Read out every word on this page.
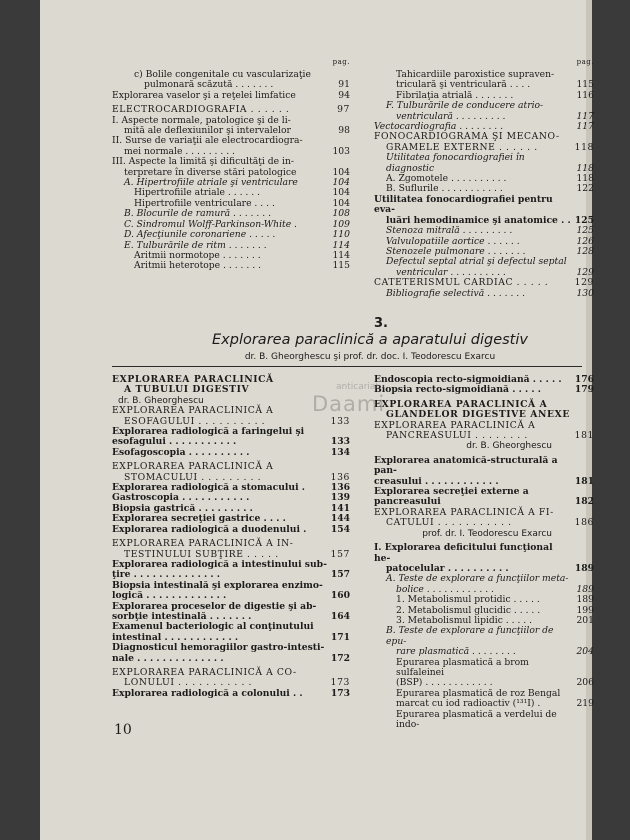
pag.
c) Bolile congenitale cu vascularizaţie
pulmonară scăzută . . . . . . .	91
Explorarea vaselor şi a reţelei limfatice	94
ELECTROCARDIOGRAFIA . . . . . .	97
I. Aspecte normale, patologice şi de li-
mită ale deflexiunilor şi intervalelor	98
II. Surse de variaţii ale electrocardiogra-
mei normale . . . . . . . . .	103
III. Aspecte la limită şi dificultăţi de in-
terpretare în diverse stări patologice	104
A. Hipertrofiile atriale şi ventriculare	104
Hipertrofiile atriale . . . . . .	104
Hipertrofiile ventriculare . . . .	104
B. Blocurile de ramură . . . . . . .	108
C. Sindromul Wolff-Parkinson-White .	109
D. Afecţiunile coronariene . . . . .	110
E. Tulburările de ritm . . . . . . .	114
Aritmii normotope . . . . . . .	114
Aritmii heterotope . . . . . . .	115
pag.
Tahicardiile paroxistice supraven-
triculară şi ventriculară . . . .	115
Fibrilaţia atrială . . . . . . .	116
F. Tulburările de conducere atrio-
ventriculară . . . . . . . . .	117
Vectocardiografia . . . . . . . .	117
FONOCARDIOGRAMA ŞI MECANO-
GRAMELE EXTERNE . . . . . .	118
Utilitatea fonocardiografiei în diagnostic	118
A. Zgomotele . . . . . . . . . .	118
B. Suflurile . . . . . . . . . . .	122
Utilitatea fonocardiografiei pentru eva-
luări hemodinamice şi anatomice . . 125
Stenoza mitrală . . . . . . . . .	125
Valvulopatiile aortice . . . . . .	126
Stenozele pulmonare . . . . . . .	128
Defectul septal atrial şi defectul septal
ventricular . . . . . . . . . .	129
CATETERISMUL CARDIAC . . . . .	129
Bibliografie selectivă . . . . . . .	130
3.
Explorarea paraclinică a aparatului digestiv
dr. B. Gheorghescu şi prof. dr. doc. I. Teodorescu Exarcu
EXPLORAREA PARACLINICĂ
A TUBULUI DIGESTIV
dr. B. Gheorghescu
EXPLORAREA PARACLINICĂ A
ESOFAGULUI . . . . . . . . . .	133
Explorarea radiologică a faringelui şi
esofagului . . . . . . . . . . .	133
Esofagoscopia . . . . . . . . . .	134
EXPLORAREA PARACLINICĂ A
STOMACULUI . . . . . . . . .	136
Explorarea radiologică a stomacului .	136
Gastroscopia . . . . . . . . . . .	139
Biopsia gastrică . . . . . . . . .	141
Explorarea secreţiei gastrice . . . .	144
Explorarea radiologică a duodenului .	154
EXPLORAREA PARACLINICĂ A IN-
TESTINULUI SUBŢIRE . . . . .	157
Explorarea radiologică a intestinului sub-
ţire . . . . . . . . . . . . . .	157
Biopsia intestinală şi explorarea enzimo-
logică . . . . . . . . . . . . .	160
Explorarea proceselor de digestie şi ab-
sorbţie intestinală . . . . . . .	164
Examenul bacteriologic al conţinutului
intestinal . . . . . . . . . . . .	171
Diagnosticul hemoragiilor gastro-intesti-
nale . . . . . . . . . . . . . .	172
EXPLORAREA PARACLINICĂ A CO-
LONULUI . . . . . . . . . . .	173
Explorarea radiologică a colonului . .	173
Endoscopia recto-sigmoidiană . . . . .	176
Biopsia recto-sigmoidiană . . . . .	179
EXPLORAREA PARACLINICĂ A
GLANDELOR DIGESTIVE ANEXE
EXPLORAREA PARACLINICĂ A
PANCREASULUI . . . . . . . .	181
dr. B. Gheorghescu
Explorarea anatomică-structurală a pan-
creasului . . . . . . . . . . . .	181
Explorarea secreţiei externe a pancreasului	182
EXPLORAREA PARACLINICĂ A FI-
CATULUI . . . . . . . . . . .	186
prof. dr. I. Teodorescu Exarcu
I. Explorarea deficitului funcţional he-
patocelular . . . . . . . . . .	189
A. Teste de explorare a funcţiilor meta-
bolice . . . . . . . . . . . .	189
1. Metabolismul protidic . . . . .	189
2. Metabolismul glucidic . . . . .	199
3. Metabolismul lipidic . . . . .	201
B. Teste de explorare a funcţiilor de epu-
rare plasmatică . . . . . . . .	204
Epurarea plasmatică a brom sulfaleinei
(BSP) . . . . . . . . . . . .	206
Epurarea plasmatică de roz Bengal
marcat cu iod radioactiv (¹³¹I) .	219
Epurarea plasmatică a verdelui de indo-
anticariat
Daami
10
